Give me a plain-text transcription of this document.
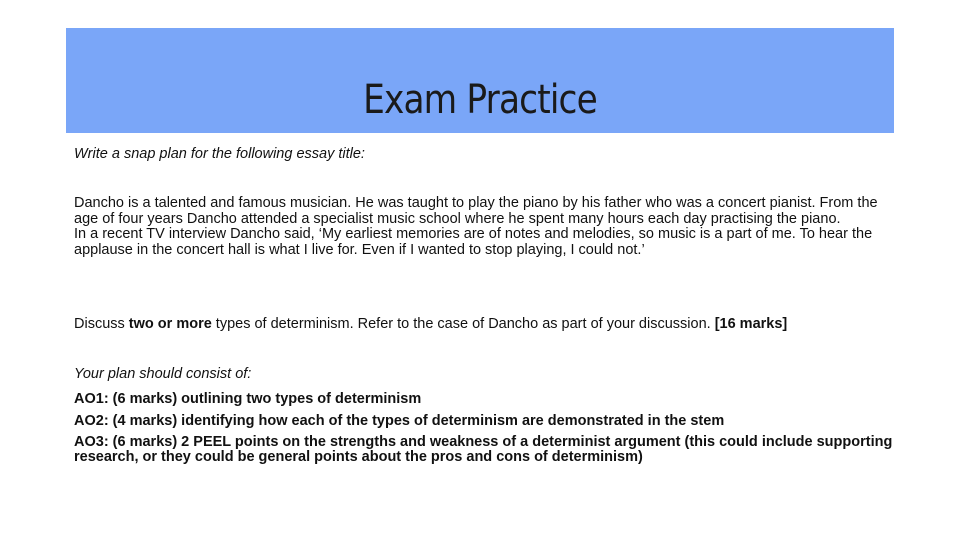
Exam Practice
Write a snap plan for the following essay title:

Dancho is a talented and famous musician. He was taught to play the piano by his father who was a concert pianist. From the age of four years Dancho attended a specialist music school where he spent many hours each day practising the piano.

In a recent TV interview Dancho said, ‘My earliest memories are of notes and melodies, so music is a part of me. To hear the applause in the concert hall is what I live for. Even if I wanted to stop playing, I could not.’

Discuss two or more types of determinism. Refer to the case of Dancho as part of your discussion. [16 marks]
Your plan should consist of:
AO1: (6 marks) outlining two types of determinism
AO2: (4 marks) identifying how each of the types of determinism are demonstrated in the stem
AO3: (6 marks) 2 PEEL points on the strengths and weakness of a determinist argument (this could include supporting research, or they could be general points about the pros and cons of determinism)
